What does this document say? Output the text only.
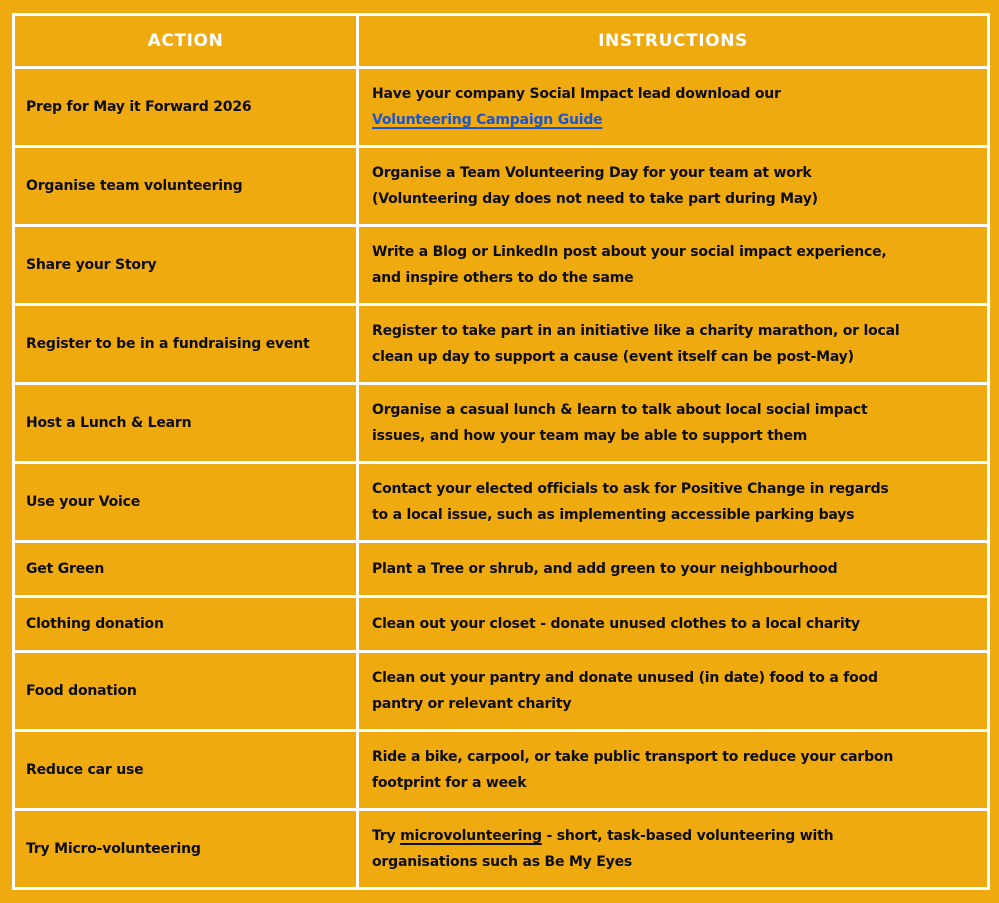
ACTION	INSTRUCTIONS
Prep for May it Forward 2026	Have your company Social Impact lead download our
Volunteering Campaign Guide
Organise team volunteering	Organise a Team Volunteering Day for your team at work
(Volunteering day does not need to take part during May)
Share your Story	Write a Blog or LinkedIn post about your social impact experience,
and inspire others to do the same
Register to be in a fundraising event	Register to take part in an initiative like a charity marathon, or local
clean up day to support a cause (event itself can be post-May)
Host a Lunch & Learn	Organise a casual lunch & learn to talk about local social impact
issues, and how your team may be able to support them
Use your Voice	Contact your elected officials to ask for Positive Change in regards
to a local issue, such as implementing accessible parking bays
Get Green	Plant a Tree or shrub, and add green to your neighbourhood
Clothing donation	Clean out your closet - donate unused clothes to a local charity
Food donation	Clean out your pantry and donate unused (in date) food to a food
pantry or relevant charity
Reduce car use	Ride a bike, carpool, or take public transport to reduce your carbon
footprint for a week
Try Micro-volunteering	Try microvolunteering - short, task-based volunteering with
organisations such as Be My Eyes
